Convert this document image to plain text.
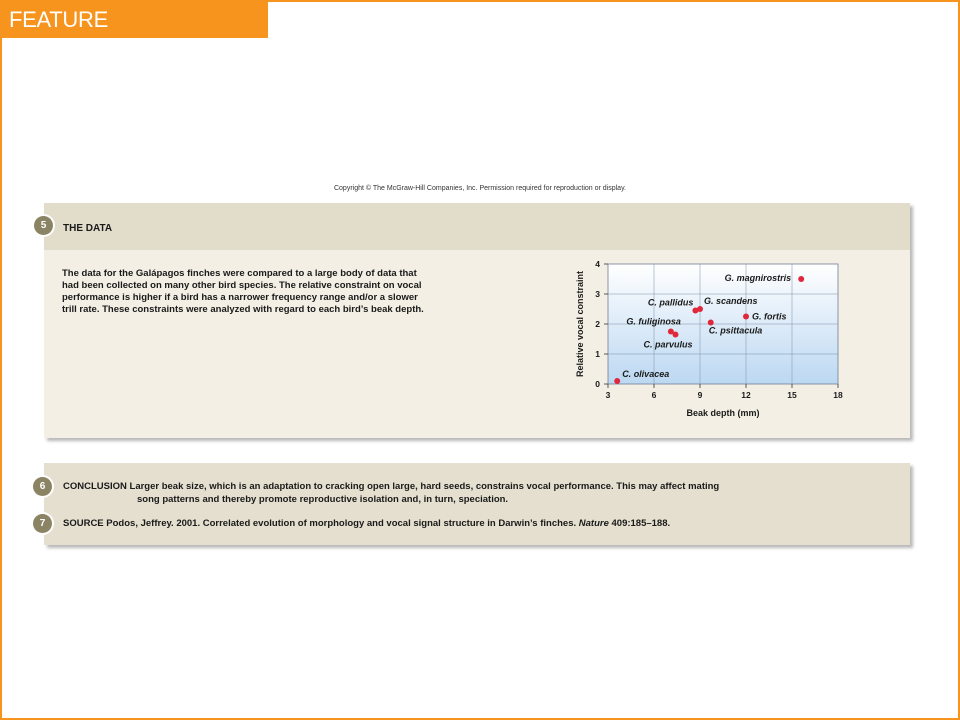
FEATURE INVESTIGATION
Copyright © The McGraw-Hill Companies, Inc. Permission required for reproduction or display.
5	THE DATA
The data for the Galápagos finches were compared to a large body of data that
had been collected on many other bird species. The relative constraint on vocal
performance is higher if a bird has a narrower frequency range and/or a slower
trill rate. These constraints were analyzed with regard to each bird’s beak depth.
3	6	9	12	15	18
0
1
2
3
4
G. magnirostris
C. pallidus G. scandens
G. fortis
C. psittacula
G. fuliginosa
C. parvulus
C. olivacea
Beak depth (mm)
Relative vocal constraint
6	CONCLUSION Larger beak size, which is an adaptation to cracking open large, hard seeds, constrains vocal performance. This may affect mating
song patterns and thereby promote reproductive isolation and, in turn, speciation.
7	SOURCE Podos, Jeffrey. 2001. Correlated evolution of morphology and vocal signal structure in Darwin’s finches. Nature 409:185–188.
